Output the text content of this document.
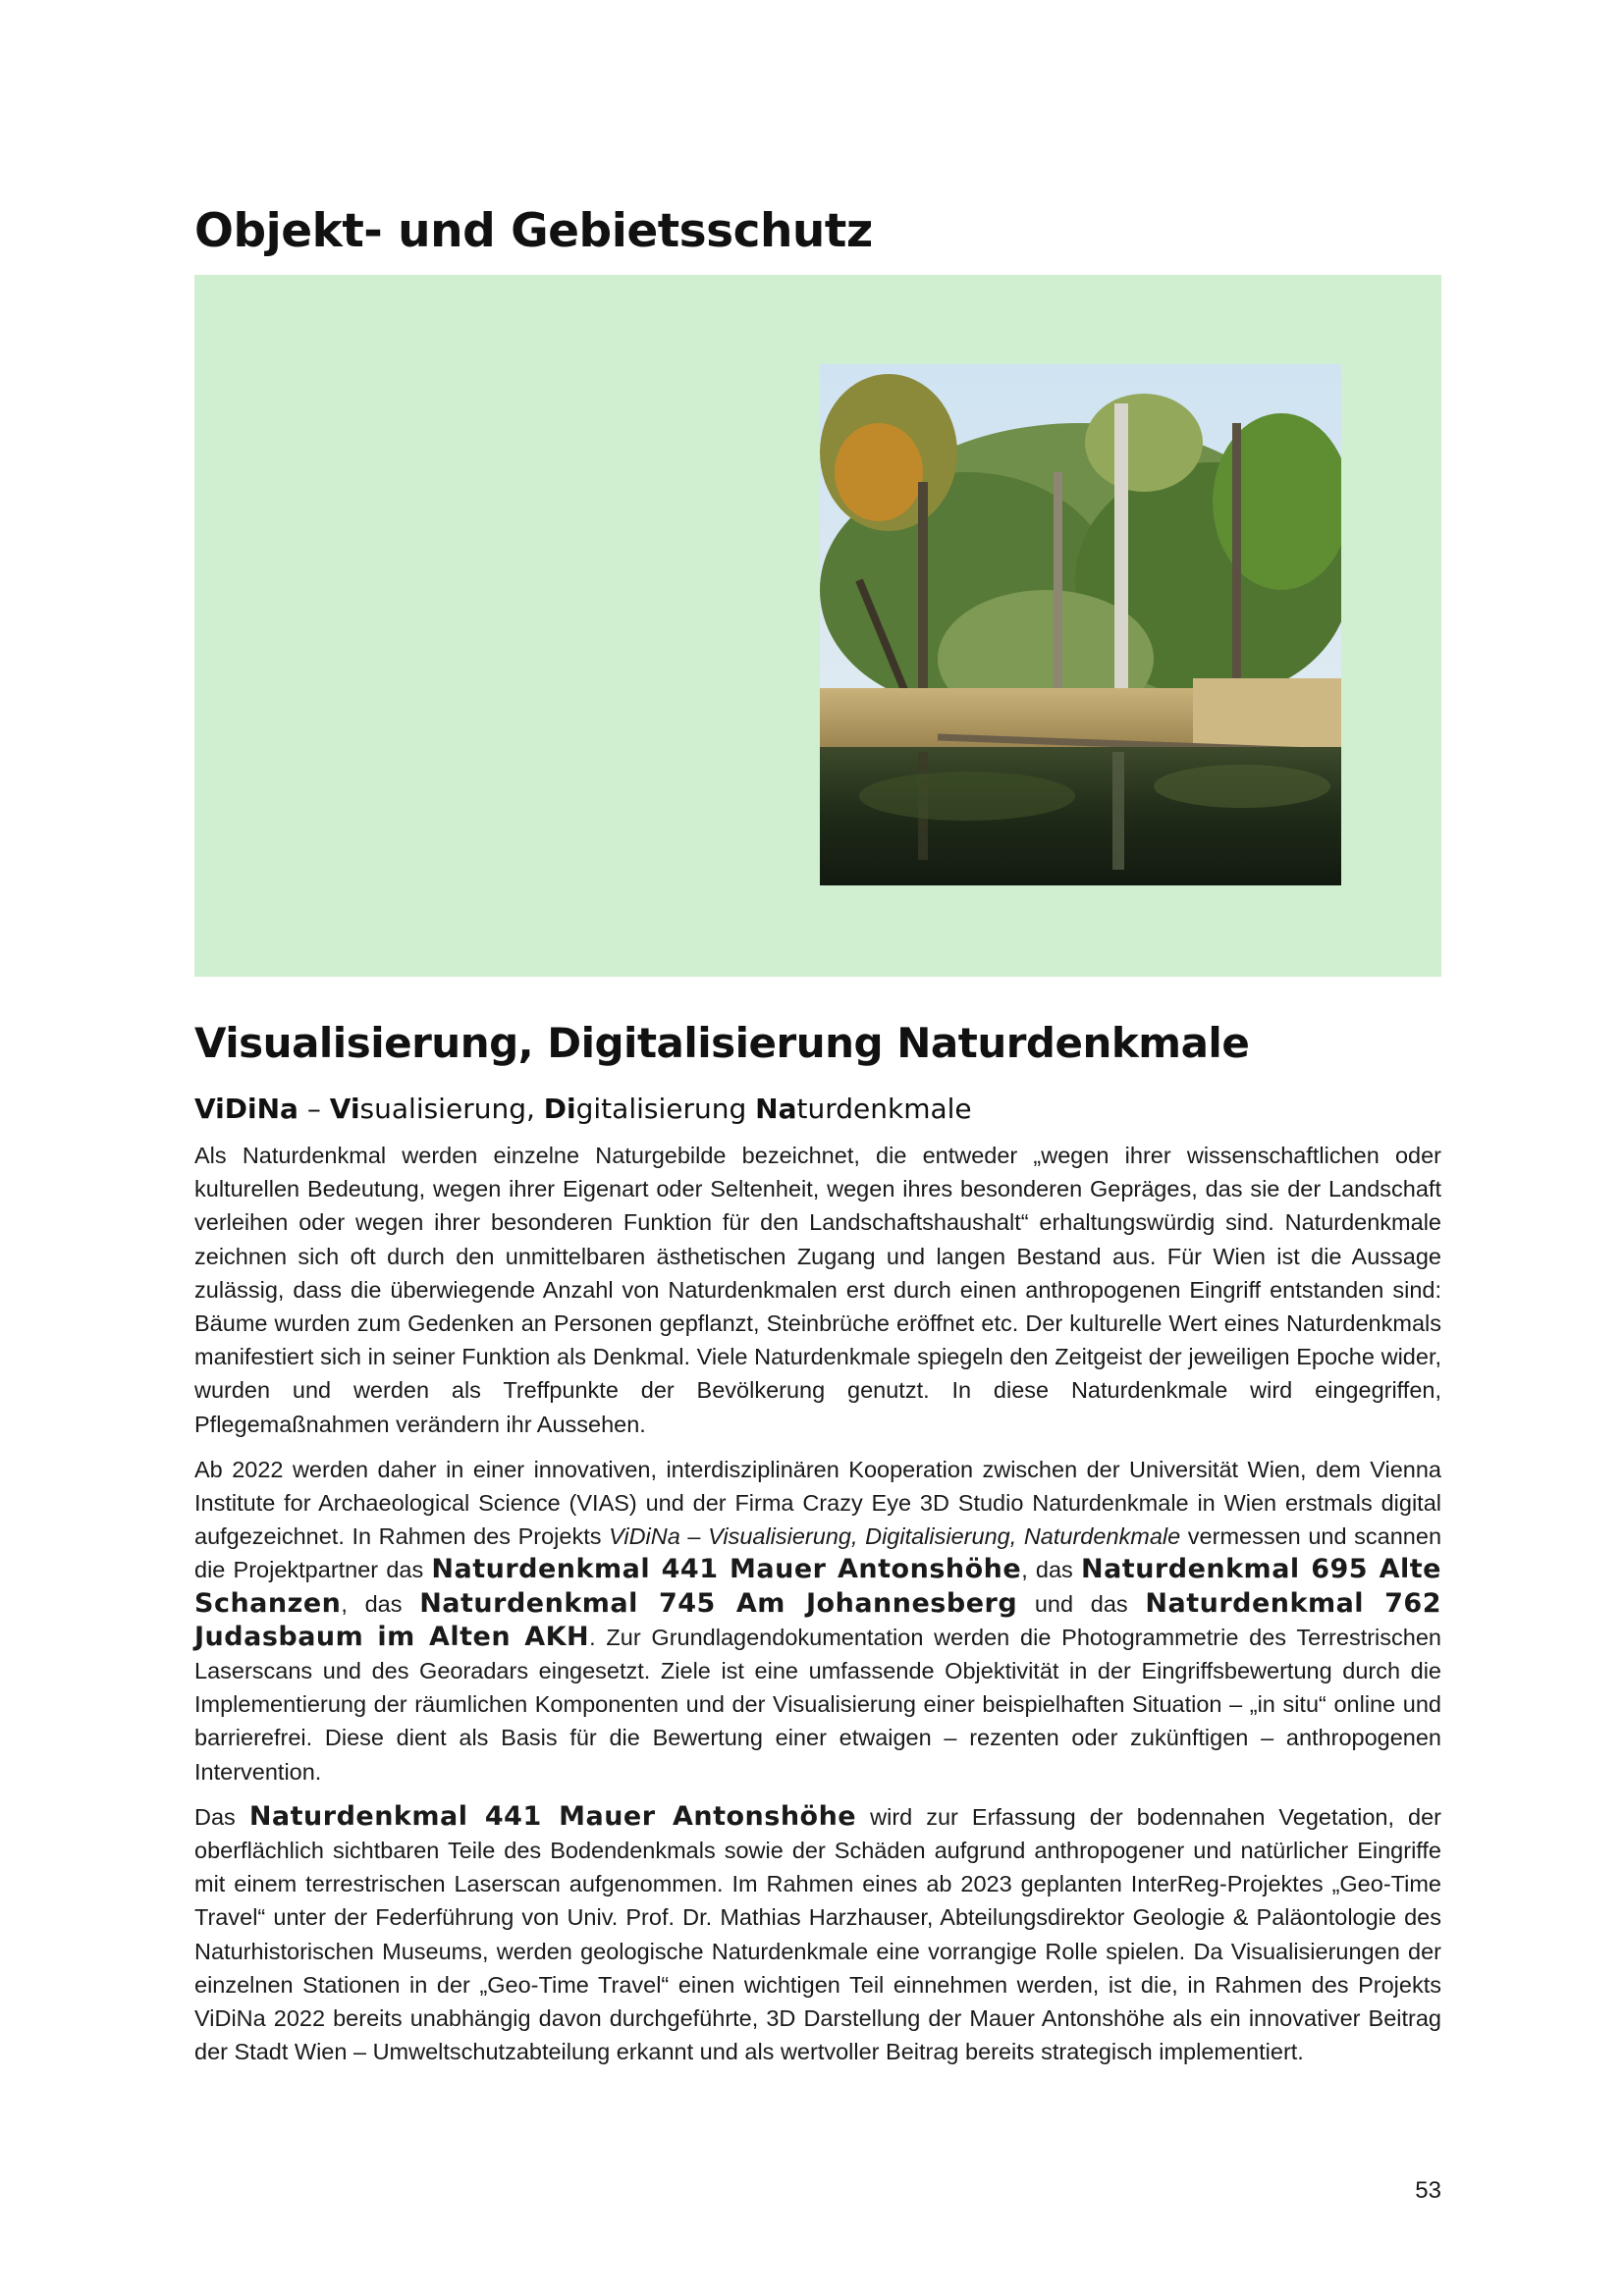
Objekt- und Gebietsschutz
Visualisierung, Digitalisierung Naturdenkmale

ViDiNa – Visualisierung, Digitalisierung Naturdenkmale

Als Naturdenkmal werden einzelne Naturgebilde bezeichnet, die entweder „wegen ihrer wissenschaftlichen oder kulturellen Bedeutung, wegen ihrer Eigenart oder Seltenheit, wegen ihres besonderen Gepräges, das sie der Landschaft verleihen oder wegen ihrer besonderen Funktion für den Landschaftshaushalt“ erhaltungswürdig sind. Naturdenkmale zeichnen sich oft durch den unmittelbaren ästhetischen Zugang und langen Bestand aus. Für Wien ist die Aussage zulässig, dass die überwiegende Anzahl von Naturdenkmalen erst durch einen anthropogenen Eingriff entstanden sind: Bäume wurden zum Gedenken an Personen gepflanzt, Steinbrüche eröffnet etc. Der kulturelle Wert eines Naturdenkmals manifestiert sich in seiner Funktion als Denkmal. Viele Naturdenkmale spiegeln den Zeitgeist der jeweiligen Epoche wider, wurden und werden als Treffpunkte der Bevölkerung genutzt. In diese Naturdenkmale wird eingegriffen, Pflegemaßnahmen verändern ihr Aussehen.

Ab 2022 werden daher in einer innovativen, interdisziplinären Kooperation zwischen der Universität Wien, dem Vienna Institute for Archaeological Science (VIAS) und der Firma Crazy Eye 3D Studio Naturdenkmale in Wien erstmals digital aufgezeichnet. In Rahmen des Projekts ViDiNa – Visualisierung, Digitalisierung, Naturdenkmale vermessen und scannen die Projektpartner das Naturdenkmal 441 Mauer Antonshöhe, das Naturdenkmal 695 Alte Schanzen, das Naturdenkmal 745 Am Johannesberg und das Naturdenkmal 762 Judasbaum im Alten AKH. Zur Grundlagendokumentation werden die Photogrammetrie des Terrestrischen Laserscans und des Georadars eingesetzt. Ziele ist eine umfassende Objektivität in der Eingriffsbewertung durch die Implementierung der räumlichen Komponenten und der Visualisierung einer beispielhaften Situation – „in situ“ online und barrierefrei. Diese dient als Basis für die Bewertung einer etwaigen – rezenten oder zukünftigen – anthropogenen Intervention.

Das Naturdenkmal 441 Mauer Antonshöhe wird zur Erfassung der bodennahen Vegetation, der oberflächlich sichtbaren Teile des Bodendenkmals sowie der Schäden aufgrund anthropogener und natürlicher Eingriffe mit einem terrestrischen Laserscan aufgenommen. Im Rahmen eines ab 2023 geplanten InterReg-Projektes „Geo-Time Travel“ unter der Federführung von Univ. Prof. Dr. Mathias Harzhauser, Abteilungsdirektor Geologie & Paläontologie des Naturhistorischen Museums, werden geologische Naturdenkmale eine vorrangige Rolle spielen. Da Visualisierungen der einzelnen Stationen in der „Geo-Time Travel“ einen wichtigen Teil einnehmen werden, ist die, in Rahmen des Projekts ViDiNa 2022 bereits unabhängig davon durchgeführte, 3D Darstellung der Mauer Antonshöhe als ein innovativer Beitrag der Stadt Wien – Umweltschutzabteilung erkannt und als wertvoller Beitrag bereits strategisch implementiert.

53
